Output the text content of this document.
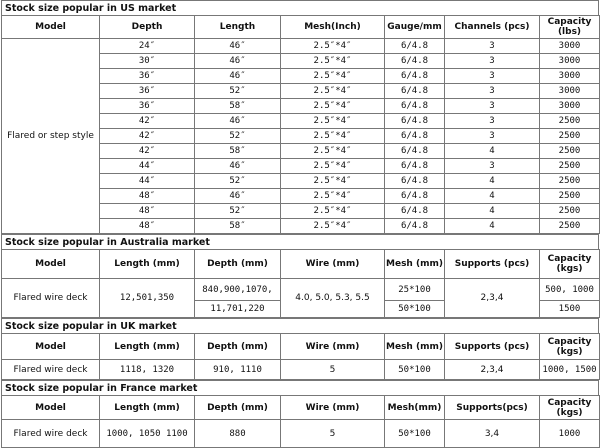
Stock size popular in US market
Model	Depth	Length	Mesh(Inch)	Gauge/mm	Channels (pcs)	Capacity (lbs)
Flared or step style	24″	46″	2.5″*4″	6/4.8	3	3000
	30″	46″	2.5″*4″	6/4.8	3	3000
	36″	46″	2.5″*4″	6/4.8	3	3000
	36″	52″	2.5″*4″	6/4.8	3	3000
	36″	58″	2.5″*4″	6/4.8	3	3000
	42″	46″	2.5″*4″	6/4.8	3	2500
	42″	52″	2.5″*4″	6/4.8	3	2500
	42″	58″	2.5″*4″	6/4.8	4	2500
	44″	46″	2.5″*4″	6/4.8	3	2500
	44″	52″	2.5″*4″	6/4.8	4	2500
	48″	46″	2.5″*4″	6/4.8	4	2500
	48″	52″	2.5″*4″	6/4.8	4	2500
	48″	58″	2.5″*4″	6/4.8	4	2500
Stock size popular in Australia market
Model	Length (mm)	Depth (mm)	Wire (mm)	Mesh (mm)	Supports (pcs)	Capacity (kgs)
Flared wire deck	12,501,350	840,900,1070,	4.0, 5.0, 5.3, 5.5	25*100	2,3,4	500, 1000
		11,701,220		50*100		1500
Stock size popular in UK market
Model	Length (mm)	Depth (mm)	Wire (mm)	Mesh (mm)	Supports (pcs)	Capacity (kgs)
Flared wire deck	1118, 1320	910, 1110	5	50*100	2,3,4	1000, 1500
Stock size popular in France market
Model	Length (mm)	Depth (mm)	Wire (mm)	Mesh(mm)	Supports(pcs)	Capacity (kgs)
Flared wire deck	1000, 1050 1100	880	5	50*100	3,4	1000
